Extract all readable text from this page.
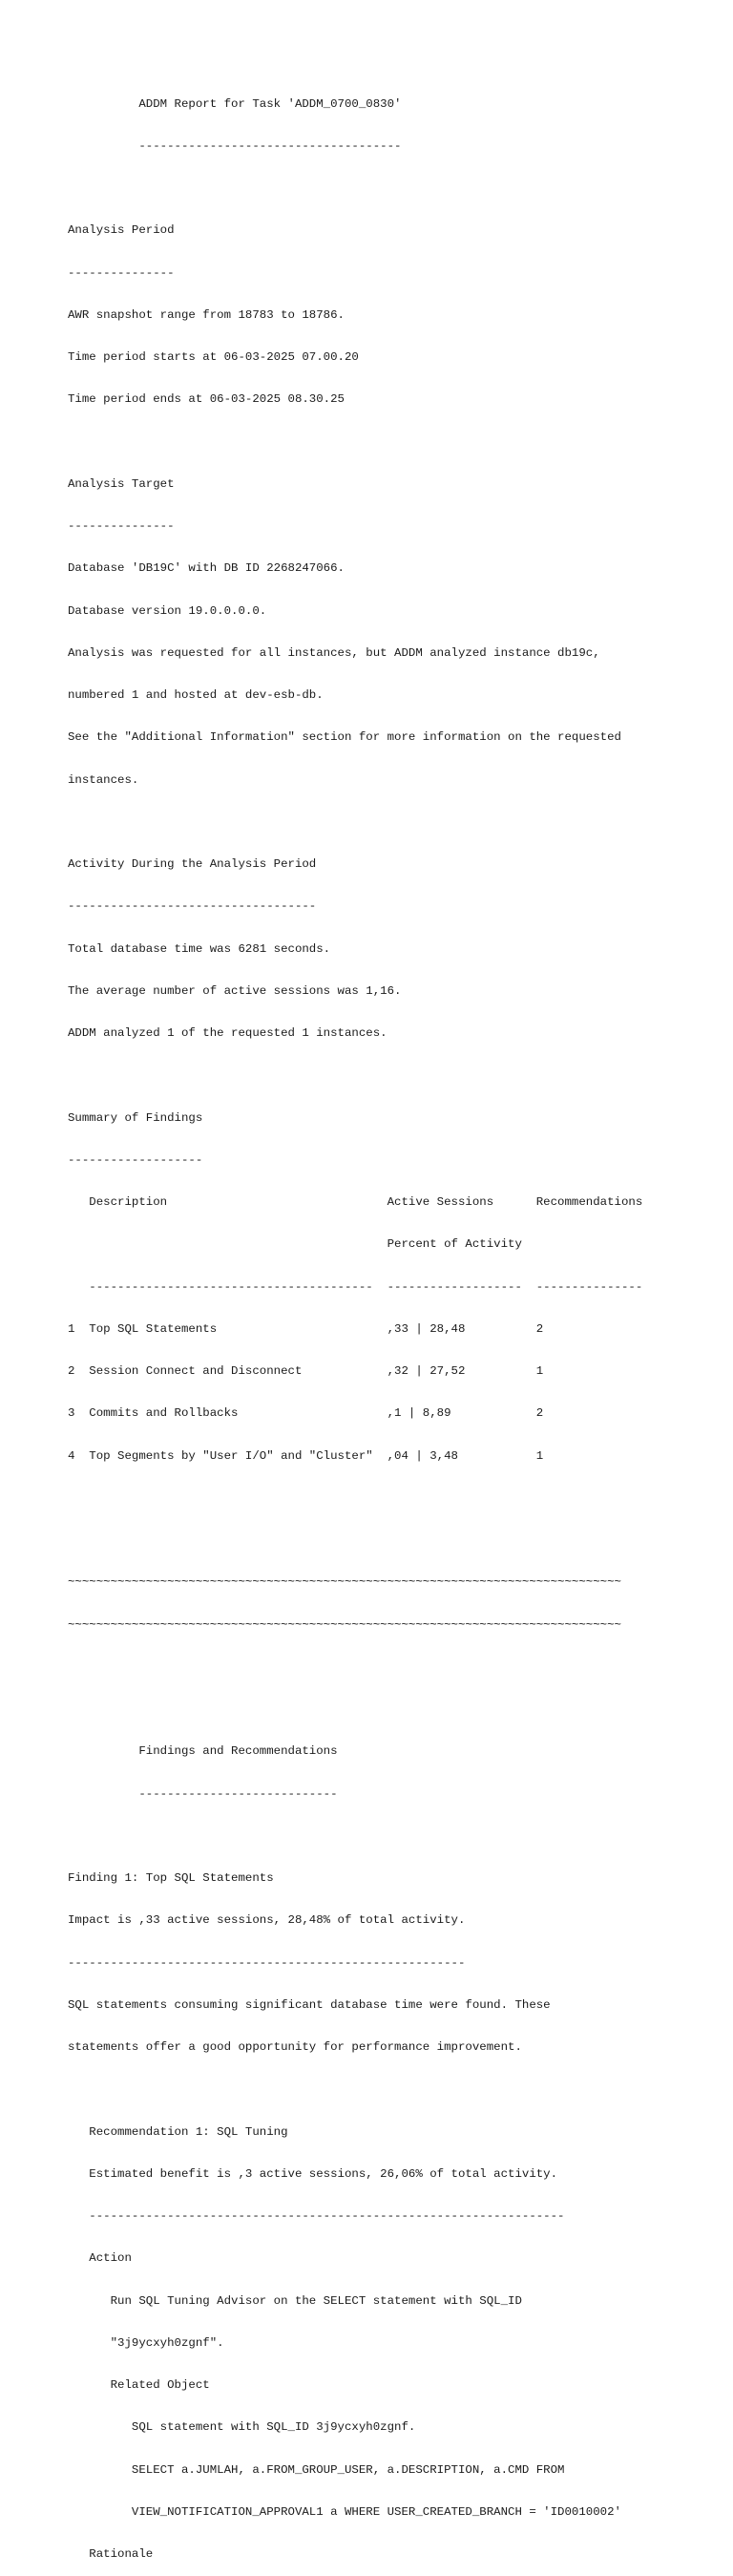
ADDM Report for Task 'ADDM_0700_0830'

-------------------------------------

Analysis Period

---------------

AWR snapshot range from 18783 to 18786.

Time period starts at 06-03-2025 07.00.20

Time period ends at 06-03-2025 08.30.25

Analysis Target

---------------

Database 'DB19C' with DB ID 2268247066.

Database version 19.0.0.0.0.

Analysis was requested for all instances, but ADDM analyzed instance db19c,

numbered 1 and hosted at dev-esb-db.

See the "Additional Information" section for more information on the requested

instances.

Activity During the Analysis Period

-----------------------------------

Total database time was 6281 seconds.

The average number of active sessions was 1,16.

ADDM analyzed 1 of the requested 1 instances.

Summary of Findings

-------------------

Description                               Active Sessions      Recommendations

Percent of Activity

----------------------------------------  -------------------  ---------------

1  Top SQL Statements                        ,33 | 28,48          2

2  Session Connect and Disconnect            ,32 | 27,52          1

3  Commits and Rollbacks                     ,1 | 8,89            2

4  Top Segments by "User I/O" and "Cluster"  ,04 | 3,48           1

~~~~~~~~~~~~~~~~~~~~~~~~~~~~~~~~~~~~~~~~~~~~~~~~~~~~~~~~~~~~~~~~~~~~~~~~~~~~~~

~~~~~~~~~~~~~~~~~~~~~~~~~~~~~~~~~~~~~~~~~~~~~~~~~~~~~~~~~~~~~~~~~~~~~~~~~~~~~~

Findings and Recommendations

----------------------------

Finding 1: Top SQL Statements

Impact is ,33 active sessions, 28,48% of total activity.

--------------------------------------------------------

SQL statements consuming significant database time were found. These

statements offer a good opportunity for performance improvement.

Recommendation 1: SQL Tuning

Estimated benefit is ,3 active sessions, 26,06% of total activity.

-------------------------------------------------------------------

Action

Run SQL Tuning Advisor on the SELECT statement with SQL_ID

"3j9ycxyh0zgnf".

Related Object

SQL statement with SQL_ID 3j9ycxyh0zgnf.

SELECT a.JUMLAH, a.FROM_GROUP_USER, a.DESCRIPTION, a.CMD FROM

VIEW_NOTIFICATION_APPROVAL1 a WHERE USER_CREATED_BRANCH = 'ID0010002'

Rationale
